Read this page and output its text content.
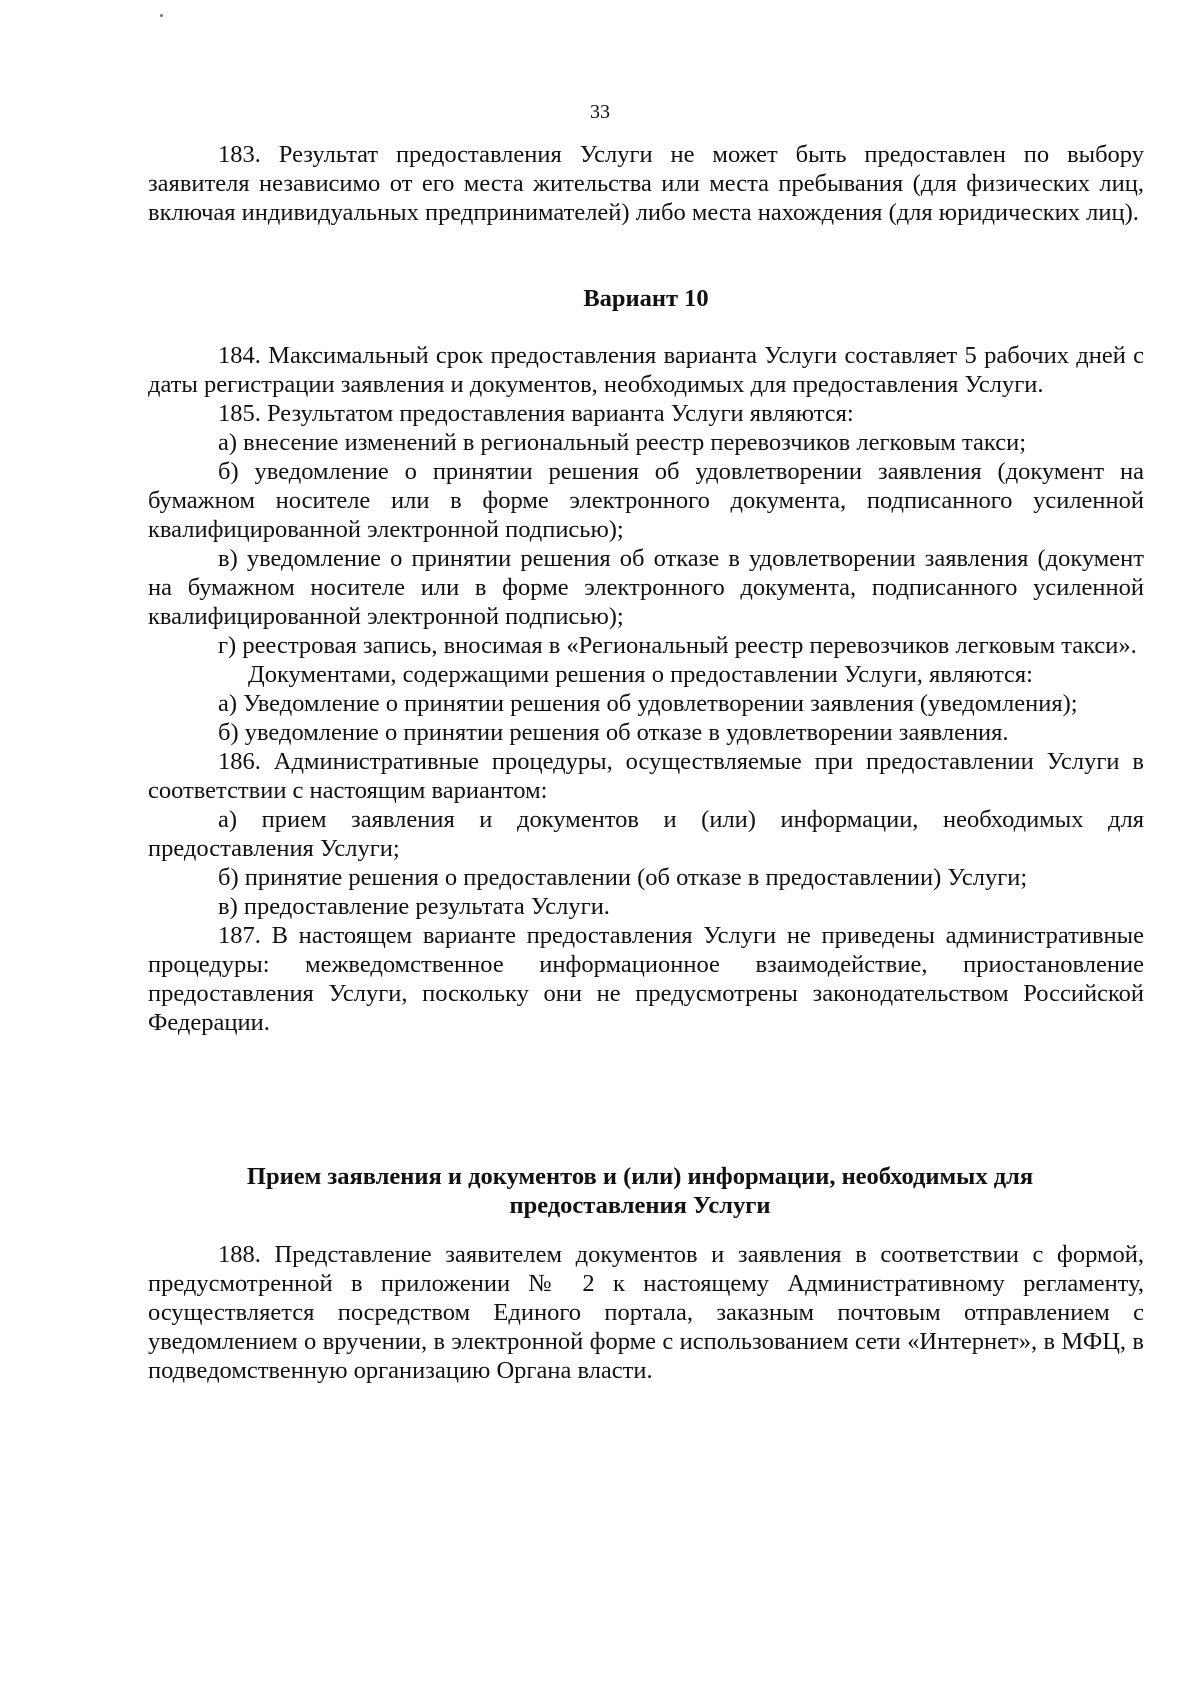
33

183. Результат предоставления Услуги не может быть предоставлен по выбору заявителя независимо от его места жительства или места пребывания (для физических лиц, включая индивидуальных предпринимателей) либо места нахождения (для юридических лиц).

Вариант 10

184. Максимальный срок предоставления варианта Услуги составляет 5 рабочих дней с даты регистрации заявления и документов, необходимых для предоставления Услуги.

185. Результатом предоставления варианта Услуги являются:

а) внесение изменений в региональный реестр перевозчиков легковым такси;

б) уведомление о принятии решения об удовлетворении заявления (документ на бумажном носителе или в форме электронного документа, подписанного усиленной квалифицированной электронной подписью);

в) уведомление о принятии решения об отказе в удовлетворении заявления (документ на бумажном носителе или в форме электронного документа, подписанного усиленной квалифицированной электронной подписью);

г) реестровая запись, вносимая в «Региональный реестр перевозчиков легковым такси».

Документами, содержащими решения о предоставлении Услуги, являются:

а) Уведомление о принятии решения об удовлетворении заявления (уведомления);

б) уведомление о принятии решения об отказе в удовлетворении заявления.

186. Административные процедуры, осуществляемые при предоставлении Услуги в соответствии с настоящим вариантом:

а) прием заявления и документов и (или) информации, необходимых для предоставления Услуги;

б) принятие решения о предоставлении (об отказе в предоставлении) Услуги;

в) предоставление результата Услуги.

187. В настоящем варианте предоставления Услуги не приведены административные процедуры: межведомственное информационное взаимодействие, приостановление предоставления Услуги, поскольку они не предусмотрены законодательством Российской Федерации.

Прием заявления и документов и (или) информации, необходимых для предоставления Услуги

188. Представление заявителем документов и заявления в соответствии с формой, предусмотренной в приложении № 2 к настоящему Административному регламенту, осуществляется посредством Единого портала, заказным почтовым отправлением с уведомлением о вручении, в электронной форме с использованием сети «Интернет», в МФЦ, в подведомственную организацию Органа власти.
